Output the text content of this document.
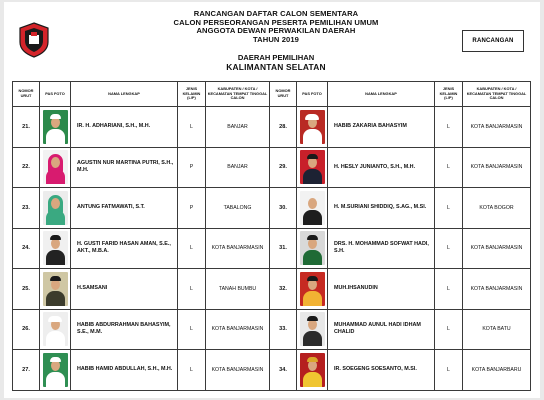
RANCANGAN DAFTAR CALON SEMENTARA
CALON PERSEORANGAN PESERTA PEMILIHAN UMUM
ANGGOTA DEWAN PERWAKILAN DAERAH
TAHUN 2019
DAERAH PEMILIHAN
KALIMANTAN SELATAN
RANCANGAN
NOMOR URUT	PAS FOTO	NAMA LENGKAP	JENIS KELAMIN (L/P)	KABUPATEN / KOTA / KECAMATAN TEMPAT TINGGAL CALON	NOMOR URUT	PAS FOTO	NAMA LENGKAP	JENIS KELAMIN (L/P)	KABUPATEN / KOTA / KECAMATAN TEMPAT TINGGAL CALON
21.		IR. H. ADHARIANI, S.H., M.H.	L	BANJAR	28.		HABIB ZAKARIA BAHASYIM	L	KOTA BANJARMASIN
22.		AGUSTIN NUR MARTINA PUTRI, S.H., M.H.	P	BANJAR	29.		H. HESLY JUNIANTO, S.H., M.H.	L	KOTA BANJARMASIN
23.		ANTUNG FATMAWATI, S.T.	P	TABALONG	30.		H. M.SURIANI SHIDDIQ, S.AG., M.SI.	L	KOTA BOGOR
24.		H. GUSTI FARID HASAN AMAN, S.E., AKT., M.B.A.	L	KOTA BANJARMASIN	31.		DRS. H. MOHAMMAD SOFWAT HADI, S.H.	L	KOTA BANJARMASIN
25.		H.SAMSANI	L	TANAH BUMBU	32.		MUH.IHSANUDIN	L	KOTA BANJARMASIN
26.		HABIB ABDURRAHMAN BAHASYIM, S.E., M.M.	L	KOTA BANJARMASIN	33.		MUHAMMAD AUNUL HADI IDHAM CHALID	L	KOTA BATU
27.		HABIB HAMID ABDULLAH, S.H., M.H.	L	KOTA BANJARMASIN	34.		IR. SOEGENG SOESANTO, M.SI.	L	KOTA BANJARBARU
